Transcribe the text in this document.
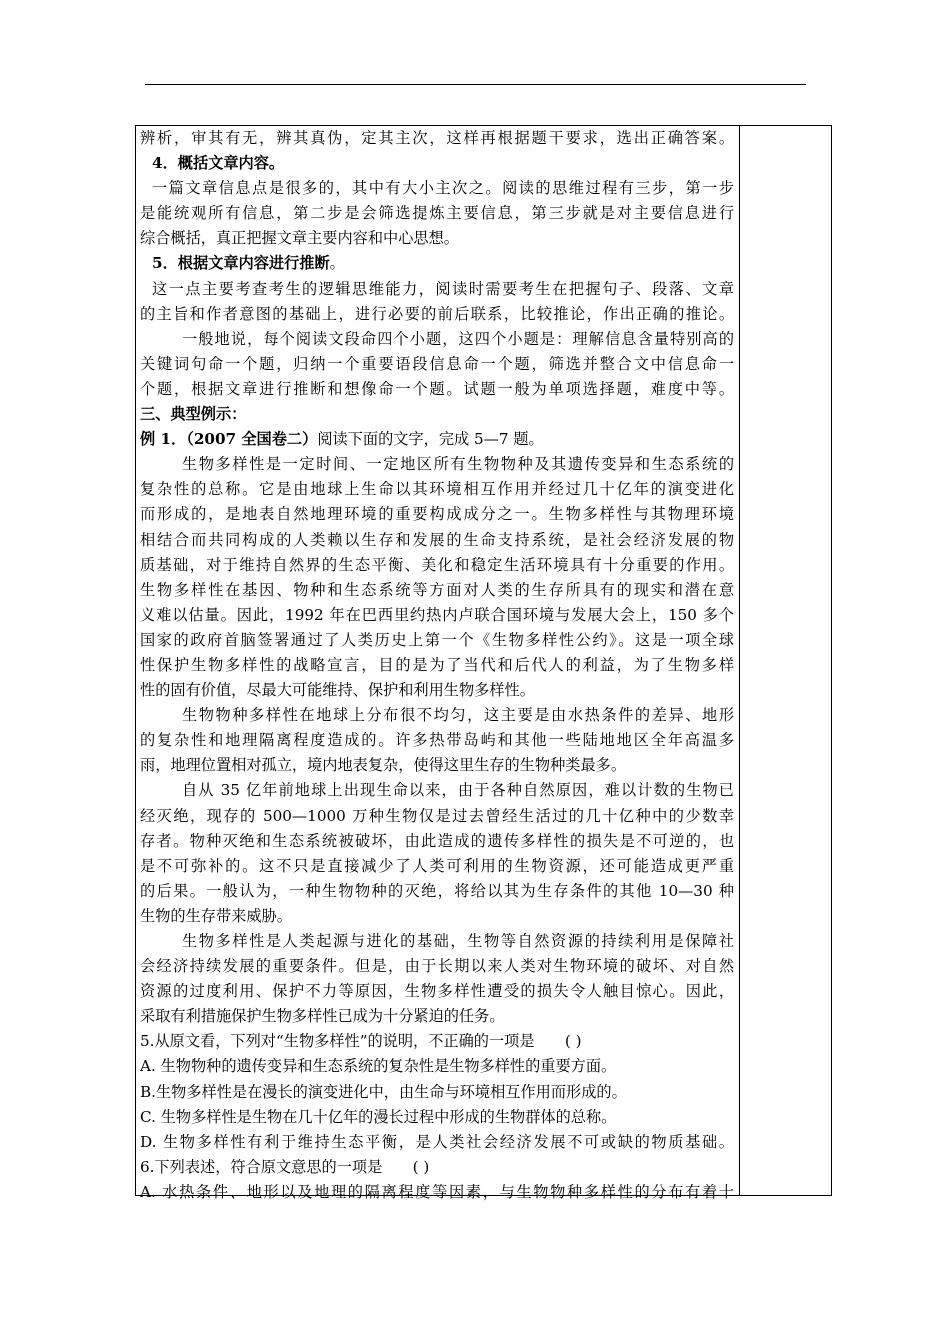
辨析，审其有无，辨其真伪，定其主次，这样再根据题干要求，选出正确答案。
4．概括文章内容。
一篇文章信息点是很多的，其中有大小主次之。阅读的思维过程有三步，第一步
是能统观所有信息，第二步是会筛选提炼主要信息，第三步就是对主要信息进行
综合概括，真正把握文章主要内容和中心思想。
5．根据文章内容进行推断。
这一点主要考查考生的逻辑思维能力，阅读时需要考生在把握句子、段落、文章
的主旨和作者意图的基础上，进行必要的前后联系，比较推论，作出正确的推论。
一般地说，每个阅读文段命四个小题，这四个小题是：理解信息含量特别高的
关键词句命一个题，归纳一个重要语段信息命一个题，筛选并整合文中信息命一
个题，根据文章进行推断和想像命一个题。试题一般为单项选择题，难度中等。
三、典型例示：
例 1．（2007 全国卷二）阅读下面的文字，完成 5—7 题。
生物多样性是一定时间、一定地区所有生物物种及其遗传变异和生态系统的
复杂性的总称。它是由地球上生命以其环境相互作用并经过几十亿年的演变进化
而形成的，是地表自然地理环境的重要构成成分之一。生物多样性与其物理环境
相结合而共同构成的人类赖以生存和发展的生命支持系统，是社会经济发展的物
质基础，对于维持自然界的生态平衡、美化和稳定生活环境具有十分重要的作用。
生物多样性在基因、物种和生态系统等方面对人类的生存所具有的现实和潜在意
义难以估量。因此，1992 年在巴西里约热内卢联合国环境与发展大会上，150 多个
国家的政府首脑签署通过了人类历史上第一个《生物多样性公约》。这是一项全球
性保护生物多样性的战略宣言，目的是为了当代和后代人的利益，为了生物多样
性的固有价值，尽最大可能维持、保护和利用生物多样性。
生物物种多样性在地球上分布很不均匀，这主要是由水热条件的差异、地形
的复杂性和地理隔离程度造成的。许多热带岛屿和其他一些陆地地区全年高温多
雨，地理位置相对孤立，境内地表复杂，使得这里生存的生物种类最多。
自从 35 亿年前地球上出现生命以来，由于各种自然原因，难以计数的生物已
经灭绝，现存的 500—1000 万种生物仅是过去曾经生活过的几十亿种中的少数幸
存者。物种灭绝和生态系统被破坏，由此造成的遗传多样性的损失是不可逆的，也
是不可弥补的。这不只是直接减少了人类可利用的生物资源，还可能造成更严重
的后果。一般认为，一种生物物种的灭绝，将给以其为生存条件的其他 10—30 种
生物的生存带来威胁。
生物多样性是人类起源与进化的基础，生物等自然资源的持续利用是保障社
会经济持续发展的重要条件。但是，由于长期以来人类对生物环境的破坏、对自然
资源的过度利用、保护不力等原因，生物多样性遭受的损失令人触目惊心。因此，
采取有利措施保护生物多样性已成为十分紧迫的任务。
5.从原文看，下列对“生物多样性”的说明，不正确的一项是　　( )
A. 生物物种的遗传变异和生态系统的复杂性是生物多样性的重要方面。
B.生物多样性是在漫长的演变进化中，由生命与环境相互作用而形成的。
C. 生物多样性是生物在几十亿年的漫长过程中形成的生物群体的总称。
D. 生物多样性有利于维持生态平衡，是人类社会经济发展不可或缺的物质基础。
6.下列表述，符合原文意思的一项是　　( )
A. 水热条件、地形以及地理的隔离程度等因素，与生物物种多样性的分布有着十
